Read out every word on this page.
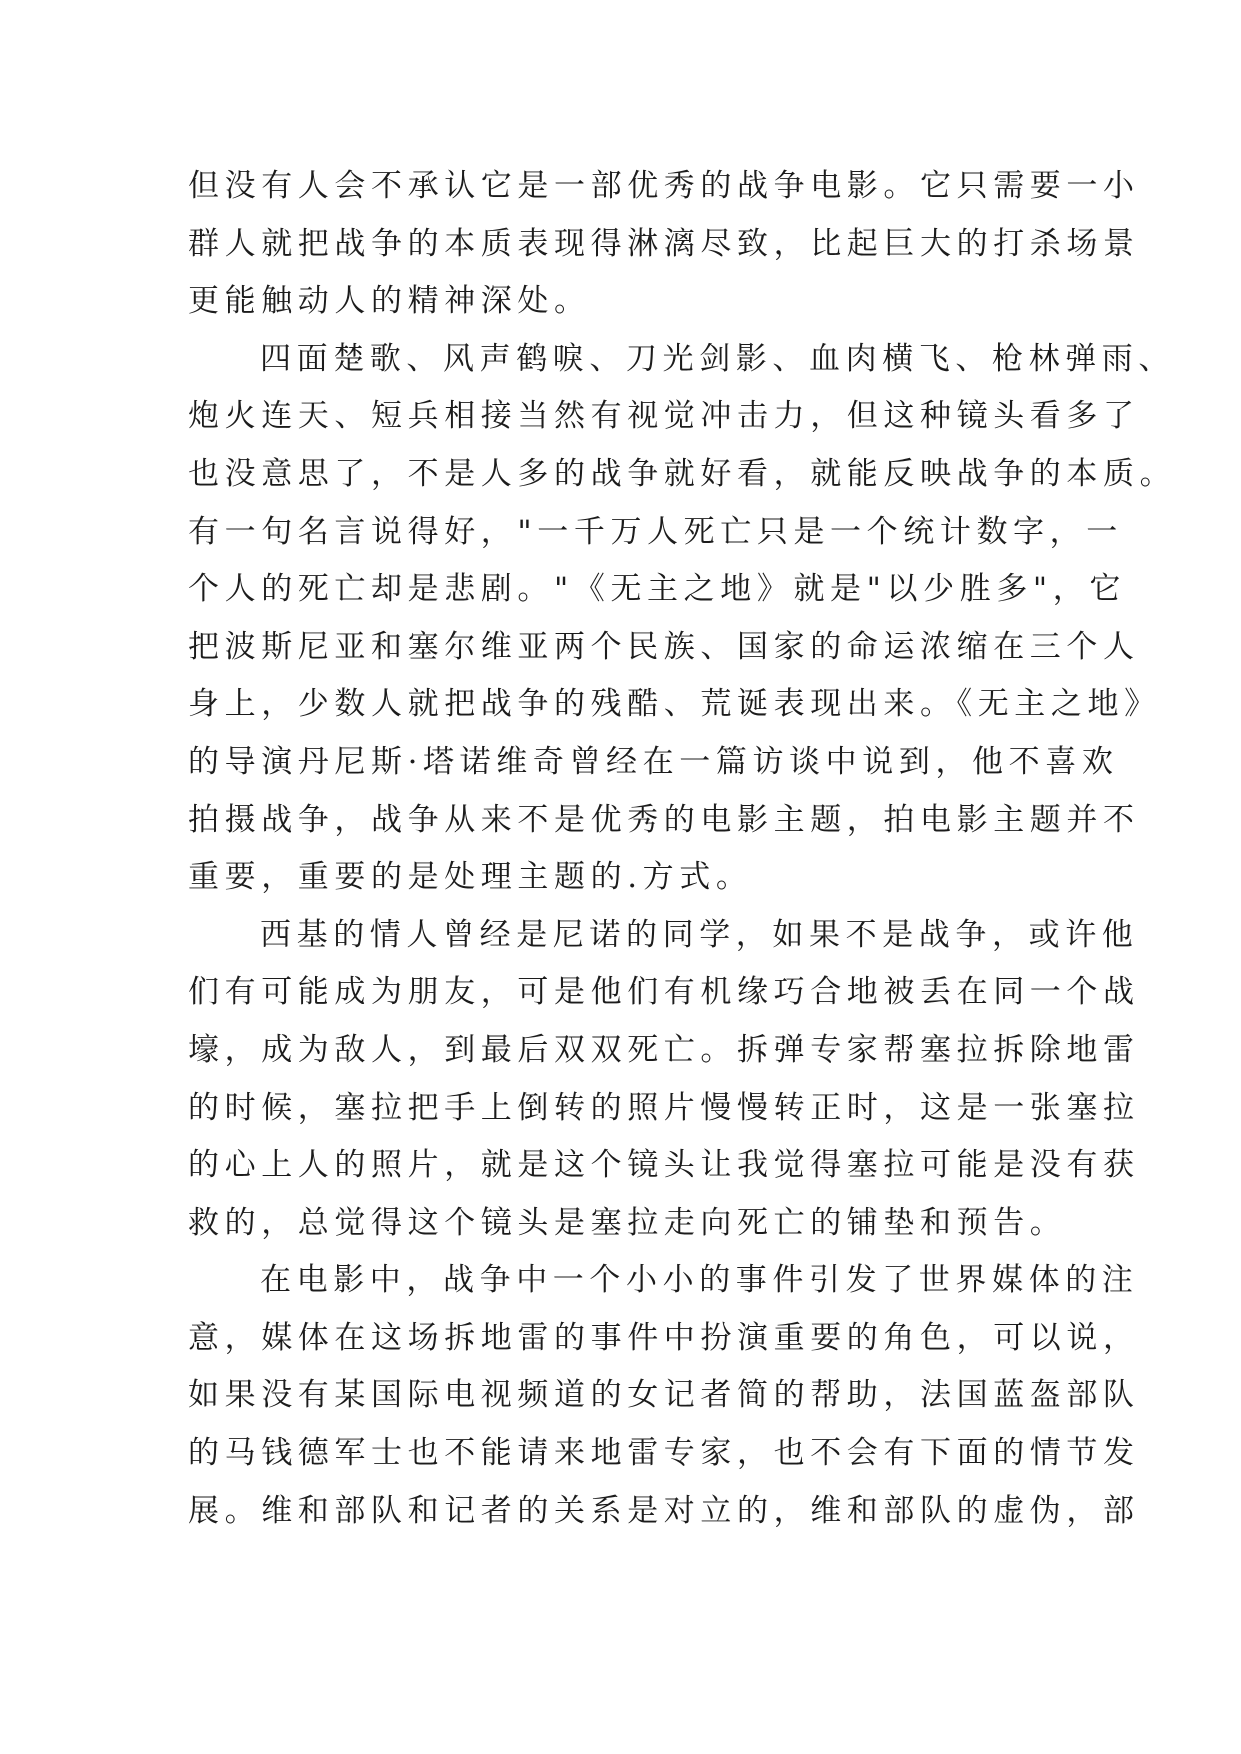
但没有人会不承认它是一部优秀的战争电影。它只需要一小
群人就把战争的本质表现得淋漓尽致，比起巨大的打杀场景
更能触动人的精神深处。
四面楚歌、风声鹤唳、刀光剑影、血肉横飞、枪林弹雨、
炮火连天、短兵相接当然有视觉冲击力，但这种镜头看多了
也没意思了，不是人多的战争就好看，就能反映战争的本质。
有一句名言说得好，"一千万人死亡只是一个统计数字，一
个人的死亡却是悲剧。"《无主之地》就是"以少胜多"，它
把波斯尼亚和塞尔维亚两个民族、国家的命运浓缩在三个人
身上，少数人就把战争的残酷、荒诞表现出来。《无主之地》
的导演丹尼斯·塔诺维奇曾经在一篇访谈中说到，他不喜欢
拍摄战争，战争从来不是优秀的电影主题，拍电影主题并不
重要，重要的是处理主题的.方式。
西基的情人曾经是尼诺的同学，如果不是战争，或许他
们有可能成为朋友，可是他们有机缘巧合地被丢在同一个战
壕，成为敌人，到最后双双死亡。拆弹专家帮塞拉拆除地雷
的时候，塞拉把手上倒转的照片慢慢转正时，这是一张塞拉
的心上人的照片，就是这个镜头让我觉得塞拉可能是没有获
救的，总觉得这个镜头是塞拉走向死亡的铺垫和预告。
在电影中，战争中一个小小的事件引发了世界媒体的注
意，媒体在这场拆地雷的事件中扮演重要的角色，可以说，
如果没有某国际电视频道的女记者简的帮助，法国蓝盔部队
的马钱德军士也不能请来地雷专家，也不会有下面的情节发
展。维和部队和记者的关系是对立的，维和部队的虚伪，部
